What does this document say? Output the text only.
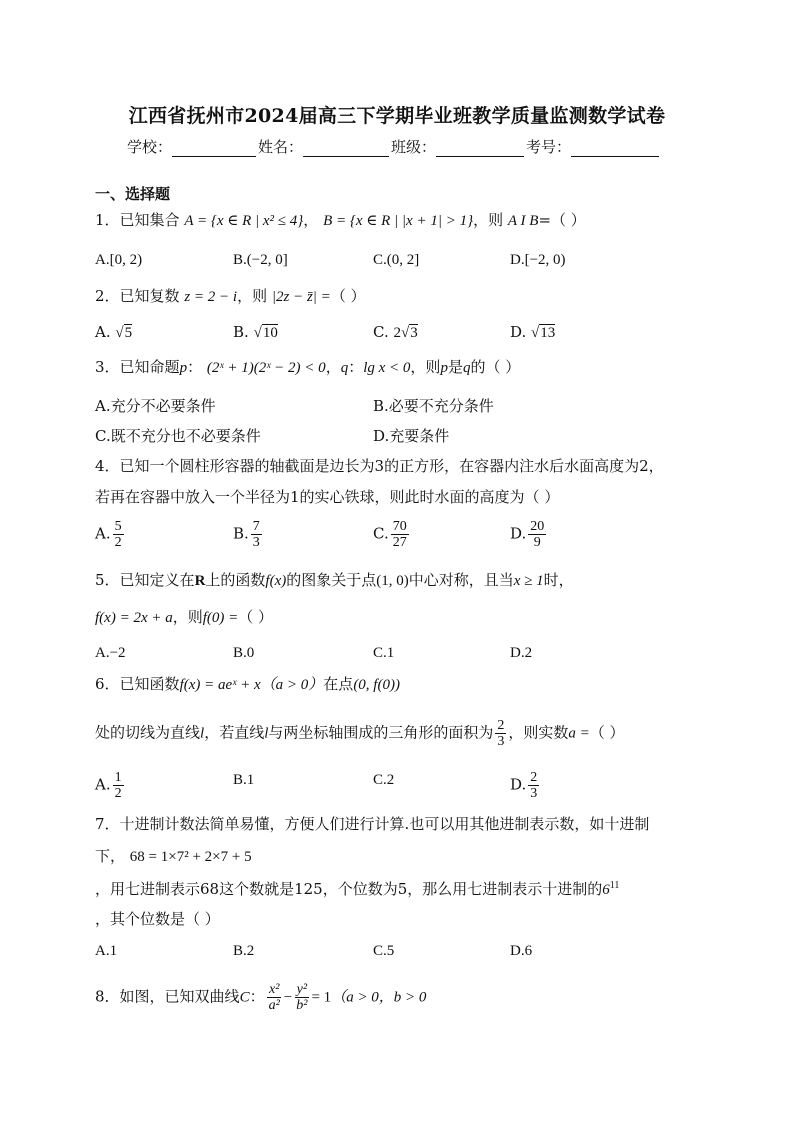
江西省抚州市2024届高三下学期毕业班教学质量监测数学试卷
学校：	姓名：	班级：	考号：
一、选择题
1．已知集合 A = {x ∈ R | x² ≤ 4}， B = {x ∈ R | |x + 1| > 1}，则 A I B=（ ）
A.[0, 2)	B.(−2, 0]	C.(0, 2]	D.[−2, 0)
2．已知复数 z = 2 − i，则 |2z − z̄| =（ ）
A. √5	B. √10	C. 2√3	D. √13
3．已知命题p： (2ˣ + 1)(2ˣ − 2) < 0，q：lg x < 0，则p是q的（ ）
A.充分不必要条件	B.必要不充分条件
C.既不充分也不必要条件	D.充要条件
4．已知一个圆柱形容器的轴截面是边长为3的正方形，在容器内注水后水面高度为2，
若再在容器中放入一个半径为1的实心铁球，则此时水面的高度为（ ）
A. $\frac{5}{2}$	B. $\frac{7}{3}$	C. $\frac{70}{27}$	D. $\frac{20}{9}$
5．已知定义在R上的函数f(x)的图象关于点(1, 0)中心对称，且当x ≥ 1时，
f(x) = 2x + a，则f(0) =（ ）
A.−2	B.0	C.1	D.2
6．已知函数f(x) = aeˣ + x（a > 0）在点(0, f(0))
处的切线为直线l，若直线l与两坐标轴围成的三角形的面积为 $\frac{2}{3}$ ，则实数a =（ ）
A. $\frac{1}{2}$	B.1	C.2	D. $\frac{2}{3}$
7．十进制计数法简单易懂，方便人们进行计算.也可以用其他进制表示数，如十进制
下， 68 = 1×7² + 2×7 + 5
，用七进制表示68这个数就是125，个位数为5，那么用七进制表示十进制的$6^{11}$
，其个位数是（ ）
A.1	B.2	C.5	D.6
8．如图，已知双曲线C： $\frac{\text{x²}}{\text{a²}} - \frac{\text{y²}}{\text{b²}} = 1(a > 0$，b > 0
